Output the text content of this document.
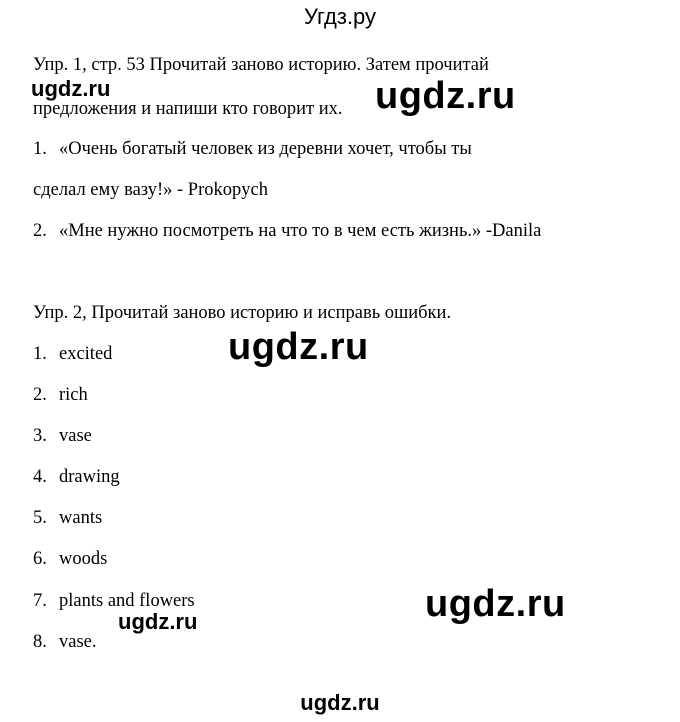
Угдз.ру
Упр. 1, стр. 53 Прочитай заново историю. Затем прочитай
ugdz.ru
предложения и напиши кто говорит их. ugdz.ru
1. «Очень богатый человек из деревни хочет, чтобы ты
сделал ему вазу!» - Prokopych
2. «Мне нужно посмотреть на что то в чем есть жизнь.» -Danila
Упр. 2, Прочитай заново историю и исправь ошибки.
ugdz.ru
1. excited
2. rich
3. vase
4. drawing
5. wants
6. woods
7. plants and flowers	ugdz.ru
ugdz.ru
8. vase.
ugdz.ru
